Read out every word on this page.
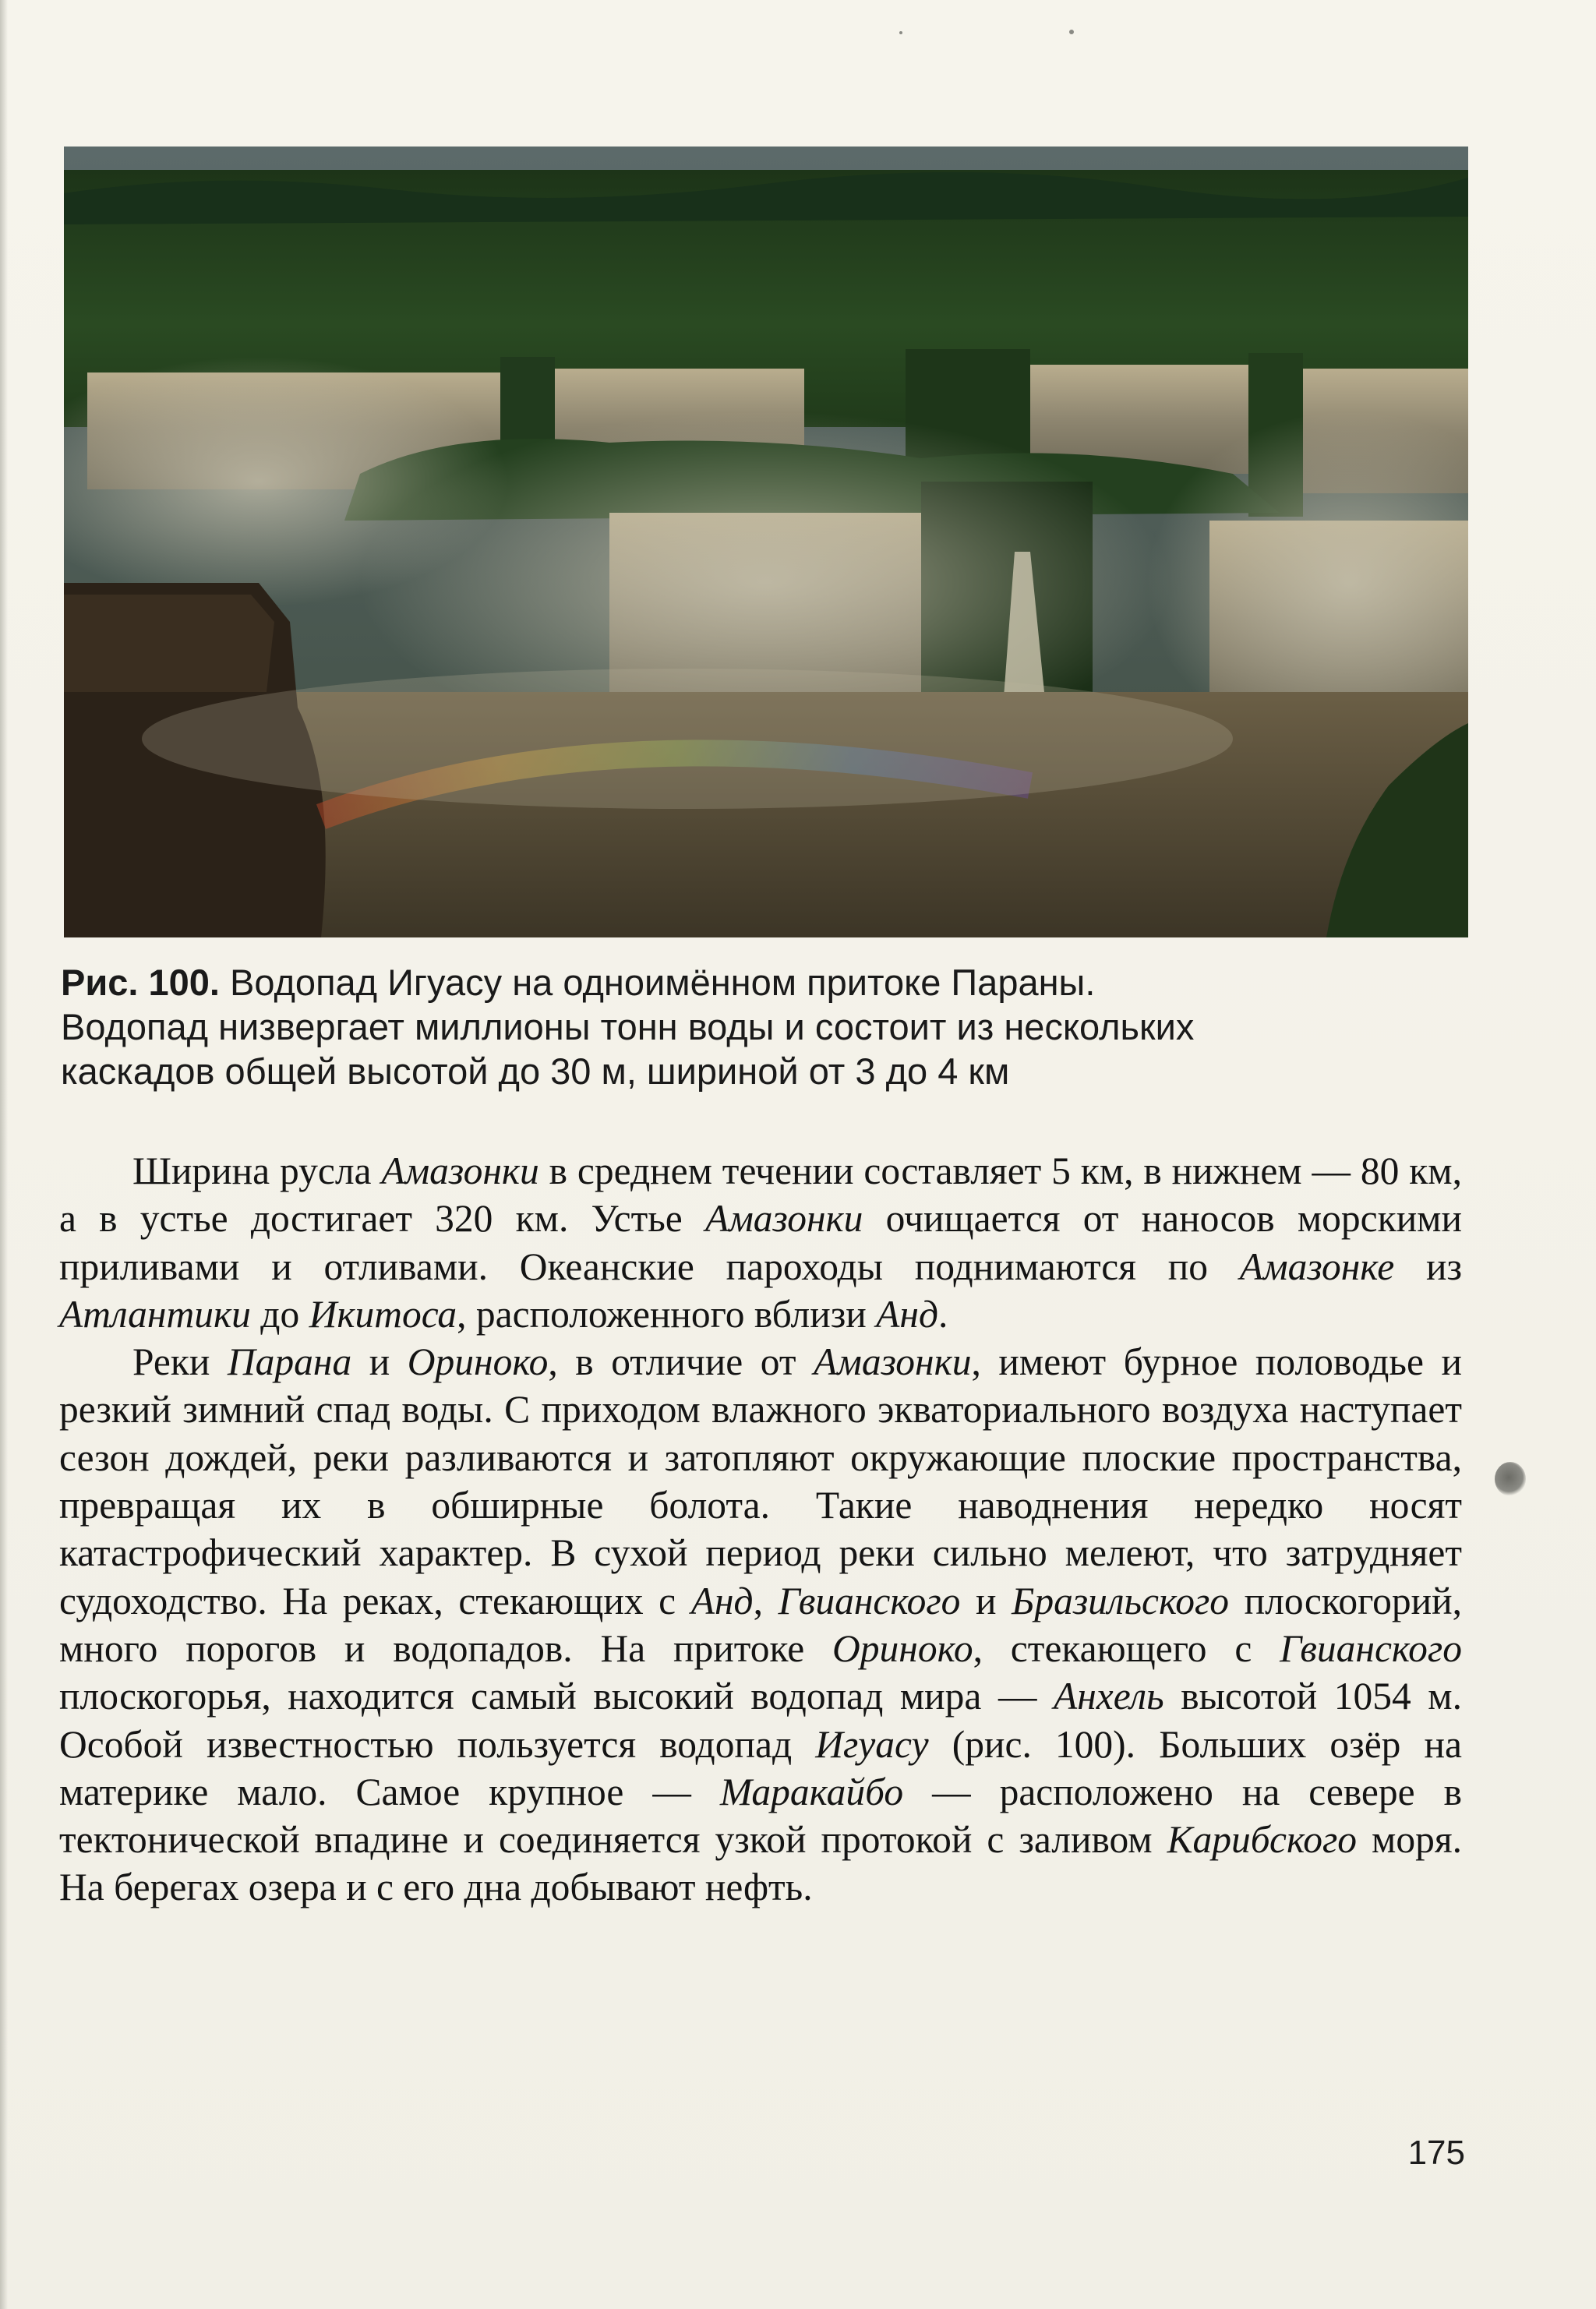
Рис. 100. Водопад Игуасу на одноимённом притоке Параны.
Водопад низвергает миллионы тонн воды и состоит из нескольких
каскадов общей высотой до 30 м, шириной от 3 до 4 км

Ширина русла Амазонки в среднем течении составляет 5 км, в нижнем — 80 км, а в устье достигает 320 км. Устье Амазонки очищается от наносов морскими приливами и отливами. Океанские пароходы поднимаются по Амазонке из Атлантики до Икитоса, расположенного вблизи Анд.

Реки Парана и Ориноко, в отличие от Амазонки, имеют бурное половодье и резкий зимний спад воды. С приходом влажного экваториального воздуха наступает сезон дождей, реки разливаются и затопляют окружающие плоские пространства, превращая их в обширные болота. Такие наводнения нередко носят катастрофический характер. В сухой период реки сильно мелеют, что затрудняет судоходство. На реках, стекающих с Анд, Гвианского и Бразильского плоскогорий, много порогов и водопадов. На притоке Ориноко, стекающего с Гвианского плоскогорья, находится самый высокий водопад мира — Анхель высотой 1054 м. Особой известностью пользуется водопад Игуасу (рис. 100). Больших озёр на материке мало. Самое крупное — Маракайбо — расположено на севере в тектонической впадине и соединяется узкой протокой с заливом Карибского моря. На берегах озера и с его дна добывают нефть.

175
